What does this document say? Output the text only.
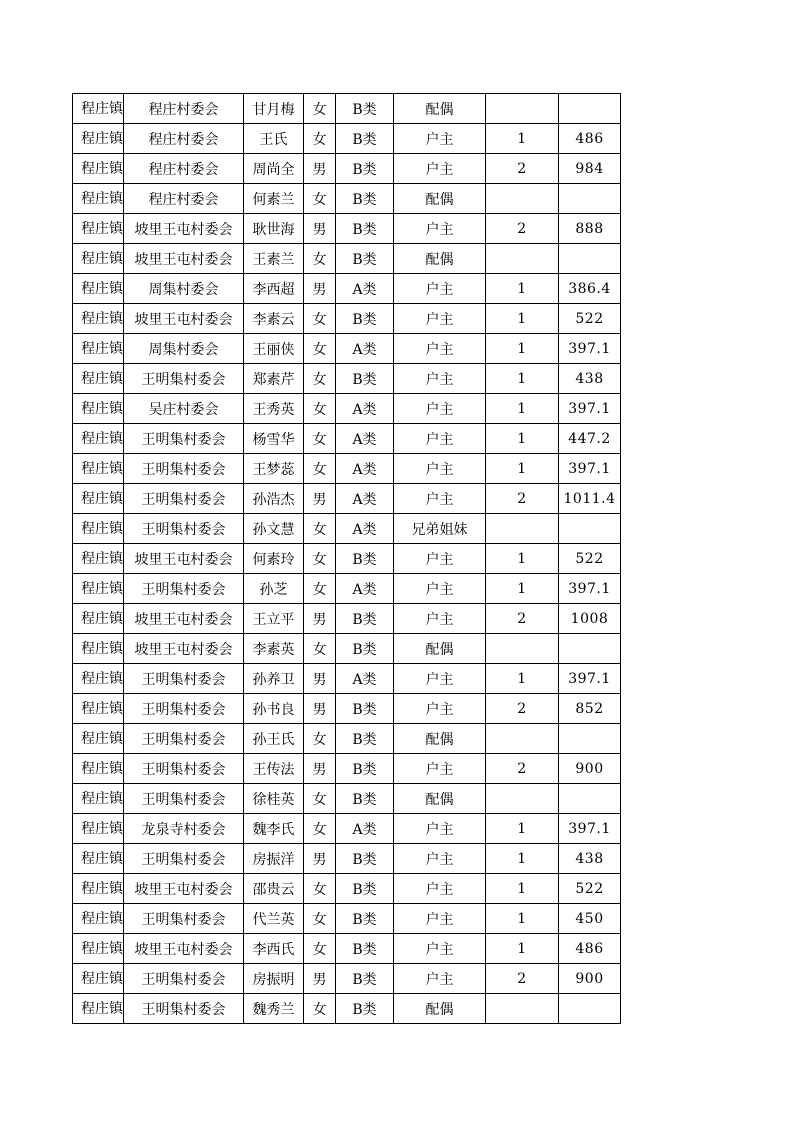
程庄镇	程庄村委会	甘月梅	女	B类	配偶		

程庄镇	程庄村委会	王氏	女	B类	户主	1	486

程庄镇	程庄村委会	周尚全	男	B类	户主	2	984

程庄镇	程庄村委会	何素兰	女	B类	配偶		

程庄镇	坡里王屯村委会	耿世海	男	B类	户主	2	888

程庄镇	坡里王屯村委会	王素兰	女	B类	配偶		

程庄镇	周集村委会	李西超	男	A类	户主	1	386.4

程庄镇	坡里王屯村委会	李素云	女	B类	户主	1	522

程庄镇	周集村委会	王丽侠	女	A类	户主	1	397.1

程庄镇	王明集村委会	郑素芹	女	B类	户主	1	438

程庄镇	吴庄村委会	王秀英	女	A类	户主	1	397.1

程庄镇	王明集村委会	杨雪华	女	A类	户主	1	447.2

程庄镇	王明集村委会	王梦蕊	女	A类	户主	1	397.1

程庄镇	王明集村委会	孙浩杰	男	A类	户主	2	1011.4

程庄镇	王明集村委会	孙文慧	女	A类	兄弟姐妹		

程庄镇	坡里王屯村委会	何素玲	女	B类	户主	1	522

程庄镇	王明集村委会	孙芝	女	A类	户主	1	397.1

程庄镇	坡里王屯村委会	王立平	男	B类	户主	2	1008

程庄镇	坡里王屯村委会	李素英	女	B类	配偶		

程庄镇	王明集村委会	孙养卫	男	A类	户主	1	397.1

程庄镇	王明集村委会	孙书良	男	B类	户主	2	852

程庄镇	王明集村委会	孙王氏	女	B类	配偶		

程庄镇	王明集村委会	王传法	男	B类	户主	2	900

程庄镇	王明集村委会	徐桂英	女	B类	配偶		

程庄镇	龙泉寺村委会	魏李氏	女	A类	户主	1	397.1

程庄镇	王明集村委会	房振洋	男	B类	户主	1	438

程庄镇	坡里王屯村委会	邵贵云	女	B类	户主	1	522

程庄镇	王明集村委会	代兰英	女	B类	户主	1	450

程庄镇	坡里王屯村委会	李西氏	女	B类	户主	1	486

程庄镇	王明集村委会	房振明	男	B类	户主	2	900

程庄镇	王明集村委会	魏秀兰	女	B类	配偶		
